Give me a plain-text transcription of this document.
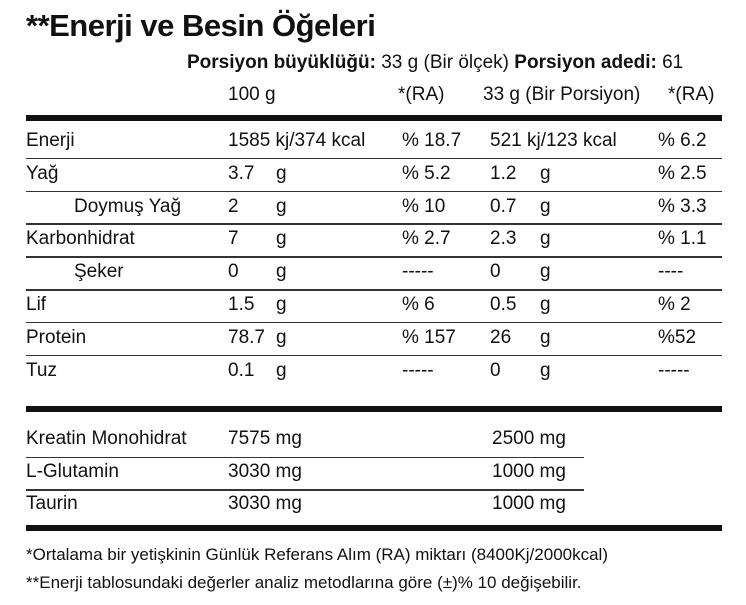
**Enerji ve Besin Öğeleri
Porsiyon büyüklüğü: 33 g (Bir ölçek) Porsiyon adedi: 61
100 g	*(RA) 33 g (Bir Porsiyon) *(RA)
Enerji	1585 kj/374 kcal % 18.7 521 kj/123 kcal % 6.2
Yağ	3.7 g	% 5.2 1.2 g	% 2.5
Doymuş Yağ 2 g	% 10 0.7 g	% 3.3
Karbonhidrat	7 g	% 2.7 2.3 g	% 1.1
Şeker	0 g	-----	0 g	----
Lif	1.5 g	% 6	0.5 g	% 2
Protein	78.7 g	% 157 26 g	%52
Tuz	0.1 g	-----	0 g	-----
Kreatin Monohidrat 7575 mg	2500 mg
L-Glutamin	3030 mg	1000 mg
Taurin	3030 mg	1000 mg
*Ortalama bir yetişkinin Günlük Referans Alım (RA) miktarı (8400Kj/2000kcal)
**Enerji tablosundaki değerler analiz metodlarına göre (±)% 10 değişebilir.
